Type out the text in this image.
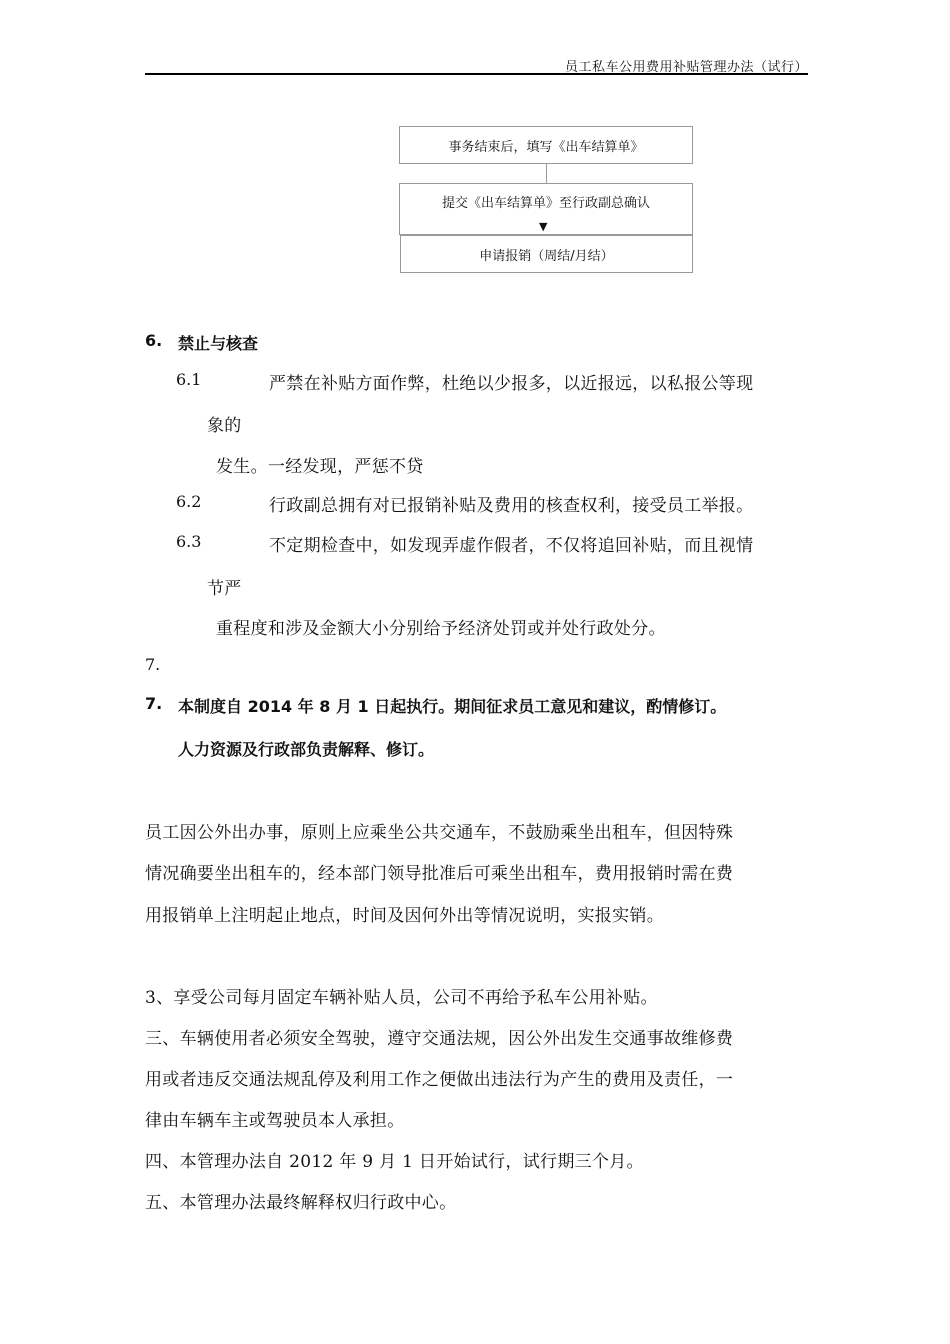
员工私车公用费用补贴管理办法（试行）
事务结束后，填写《出车结算单》
提交《出车结算单》至行政副总确认
▼
申请报销（周结/月结）
6. 禁止与核查
6.1	严禁在补贴方面作弊，杜绝以少报多，以近报远，以私报公等现
象的
发生。一经发现，严惩不贷
6.2	行政副总拥有对已报销补贴及费用的核查权利，接受员工举报。
6.3	不定期检查中，如发现弄虚作假者，不仅将追回补贴，而且视情
节严
重程度和涉及金额大小分别给予经济处罚或并处行政处分。
7.
7. 本制度自 2014 年 8 月 1 日起执行。期间征求员工意见和建议，酌情修订。
人力资源及行政部负责解释、修订。
员工因公外出办事，原则上应乘坐公共交通车，不鼓励乘坐出租车，但因特殊
情况确要坐出租车的，经本部门领导批准后可乘坐出租车，费用报销时需在费
用报销单上注明起止地点，时间及因何外出等情况说明，实报实销。
3、享受公司每月固定车辆补贴人员，公司不再给予私车公用补贴。
三、车辆使用者必须安全驾驶，遵守交通法规，因公外出发生交通事故维修费
用或者违反交通法规乱停及利用工作之便做出违法行为产生的费用及责任，一
律由车辆车主或驾驶员本人承担。
四、本管理办法自 2012 年 9 月 1 日开始试行，试行期三个月。
五、本管理办法最终解释权归行政中心。
